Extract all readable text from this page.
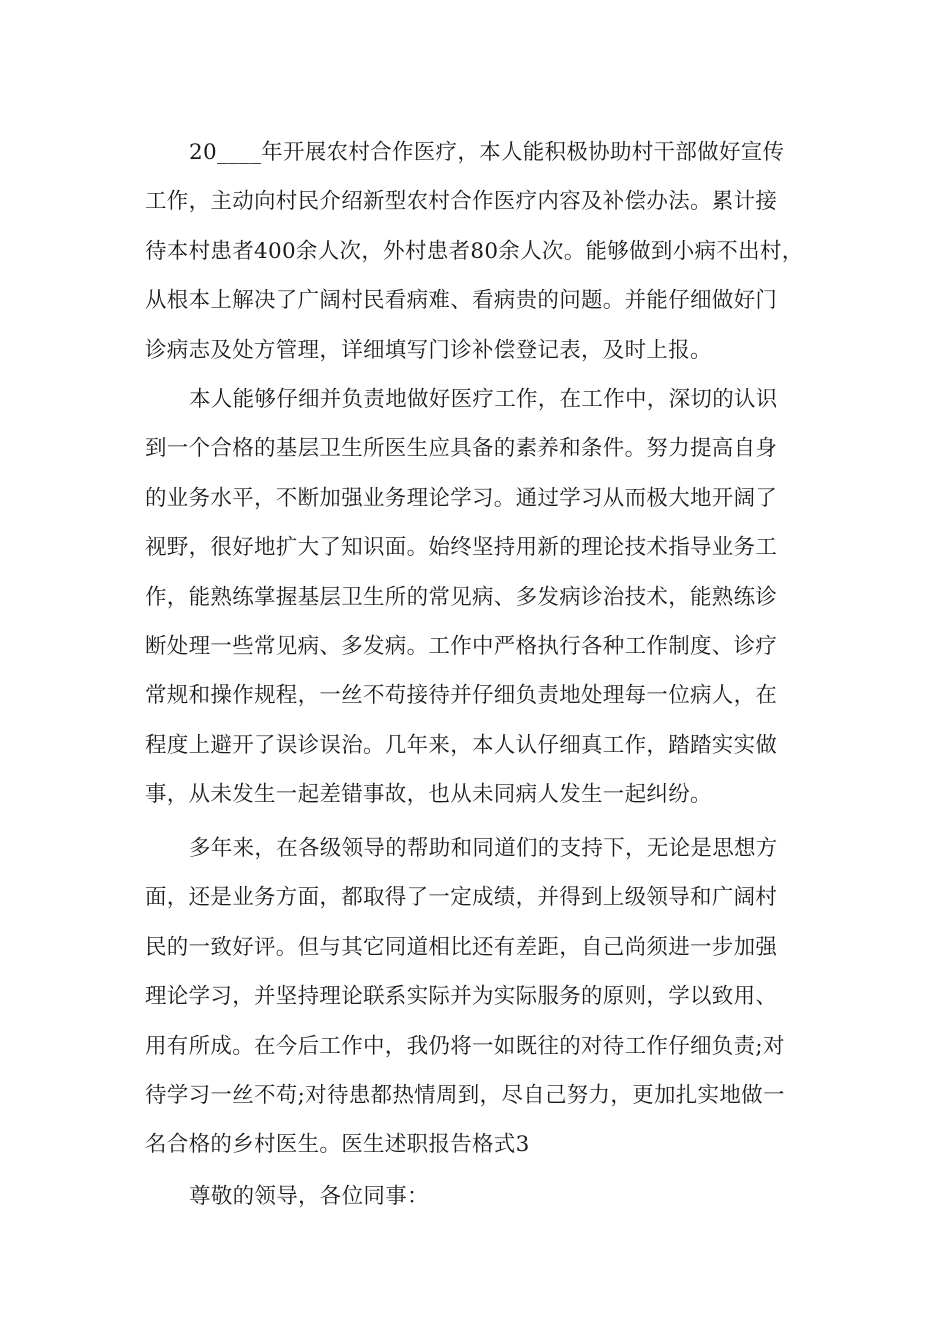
20____年开展农村合作医疗，本人能积极协助村干部做好宣传
工作，主动向村民介绍新型农村合作医疗内容及补偿办法。累计接
待本村患者400余人次，外村患者80余人次。能够做到小病不出村，
从根本上解决了广阔村民看病难、看病贵的问题。并能仔细做好门
诊病志及处方管理，详细填写门诊补偿登记表，及时上报。
本人能够仔细并负责地做好医疗工作，在工作中，深切的认识
到一个合格的基层卫生所医生应具备的素养和条件。努力提高自身
的业务水平，不断加强业务理论学习。通过学习从而极大地开阔了
视野，很好地扩大了知识面。始终坚持用新的理论技术指导业务工
作，能熟练掌握基层卫生所的常见病、多发病诊治技术，能熟练诊
断处理一些常见病、多发病。工作中严格执行各种工作制度、诊疗
常规和操作规程，一丝不苟接待并仔细负责地处理每一位病人，在
程度上避开了误诊误治。几年来，本人认仔细真工作，踏踏实实做
事，从未发生一起差错事故，也从未同病人发生一起纠纷。
多年来，在各级领导的帮助和同道们的支持下，无论是思想方
面，还是业务方面，都取得了一定成绩，并得到上级领导和广阔村
民的一致好评。但与其它同道相比还有差距，自己尚须进一步加强
理论学习，并坚持理论联系实际并为实际服务的原则，学以致用、
用有所成。在今后工作中，我仍将一如既往的对待工作仔细负责;对
待学习一丝不苟;对待患都热情周到，尽自己努力，更加扎实地做一
名合格的乡村医生。医生述职报告格式3
尊敬的领导，各位同事：
